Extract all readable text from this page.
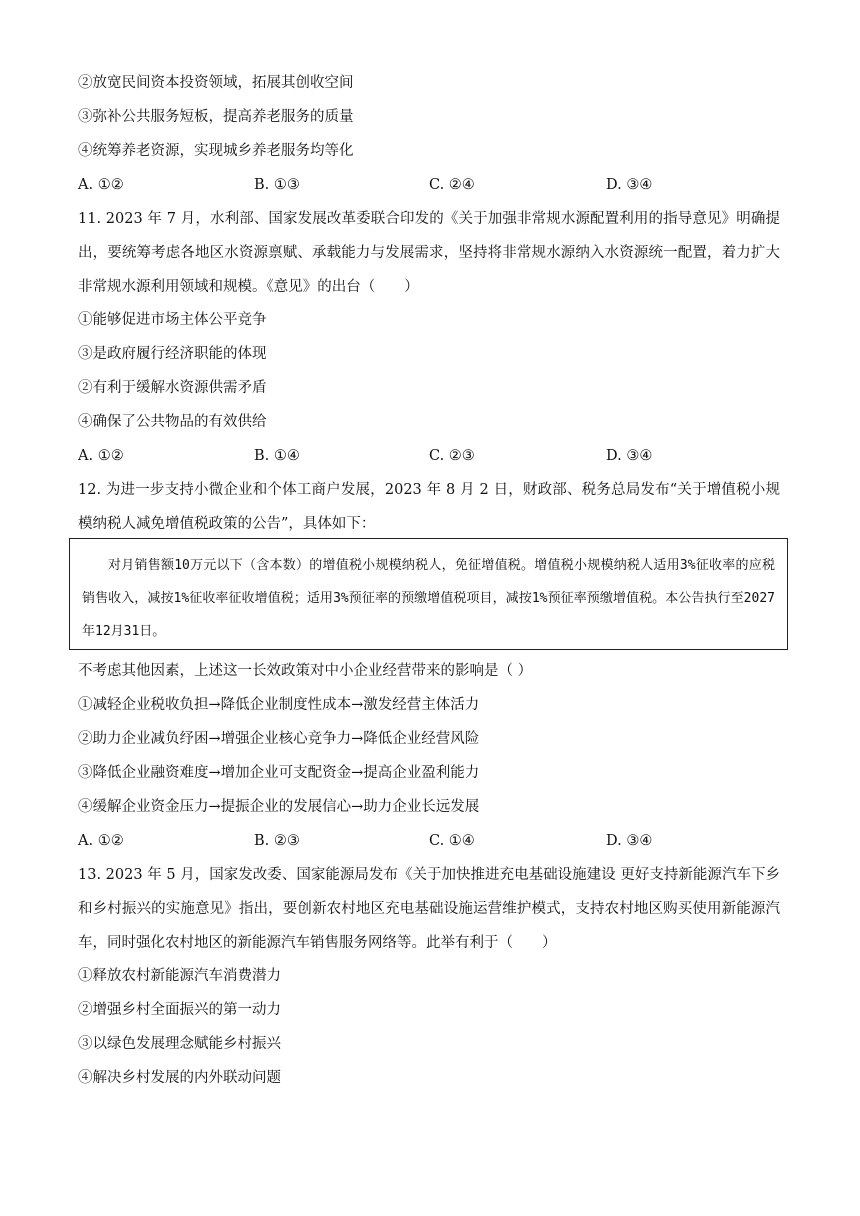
②放宽民间资本投资领域，拓展其创收空间
③弥补公共服务短板，提高养老服务的质量
④统筹养老资源，实现城乡养老服务均等化
A. ①②	B. ①③	C. ②④	D. ③④
11. 2023 年 7 月，水利部、国家发展改革委联合印发的《关于加强非常规水源配置利用的指导意见》明确提出，要统筹考虑各地区水资源禀赋、承载能力与发展需求，坚持将非常规水源纳入水资源统一配置，着力扩大非常规水源利用领域和规模。《意见》的出台（　　）
①能够促进市场主体公平竞争
③是政府履行经济职能的体现
②有利于缓解水资源供需矛盾
④确保了公共物品的有效供给
A. ①②	B. ①④	C. ②③	D. ③④
12. 为进一步支持小微企业和个体工商户发展，2023 年 8 月 2 日，财政部、税务总局发布“关于增值税小规模纳税人减免增值税政策的公告”，具体如下：
对月销售额10万元以下（含本数）的增值税小规模纳税人，免征增值税。增值税小规模纳税人适用3%征收率的应税销售收入，减按1%征收率征收增值税；适用3%预征率的预缴增值税项目，减按1%预征率预缴增值税。本公告执行至2027年12月31日。
不考虑其他因素，上述这一长效政策对中小企业经营带来的影响是（ ）
①减轻企业税收负担→降低企业制度性成本→激发经营主体活力
②助力企业减负纾困→增强企业核心竞争力→降低企业经营风险
③降低企业融资难度→增加企业可支配资金→提高企业盈利能力
④缓解企业资金压力→提振企业的发展信心→助力企业长远发展
A. ①②	B. ②③	C. ①④	D. ③④
13. 2023 年 5 月，国家发改委、国家能源局发布《关于加快推进充电基础设施建设 更好支持新能源汽车下乡和乡村振兴的实施意见》指出，要创新农村地区充电基础设施运营维护模式，支持农村地区购买使用新能源汽车，同时强化农村地区的新能源汽车销售服务网络等。此举有利于（　　）
①释放农村新能源汽车消费潜力
②增强乡村全面振兴的第一动力
③以绿色发展理念赋能乡村振兴
④解决乡村发展的内外联动问题
